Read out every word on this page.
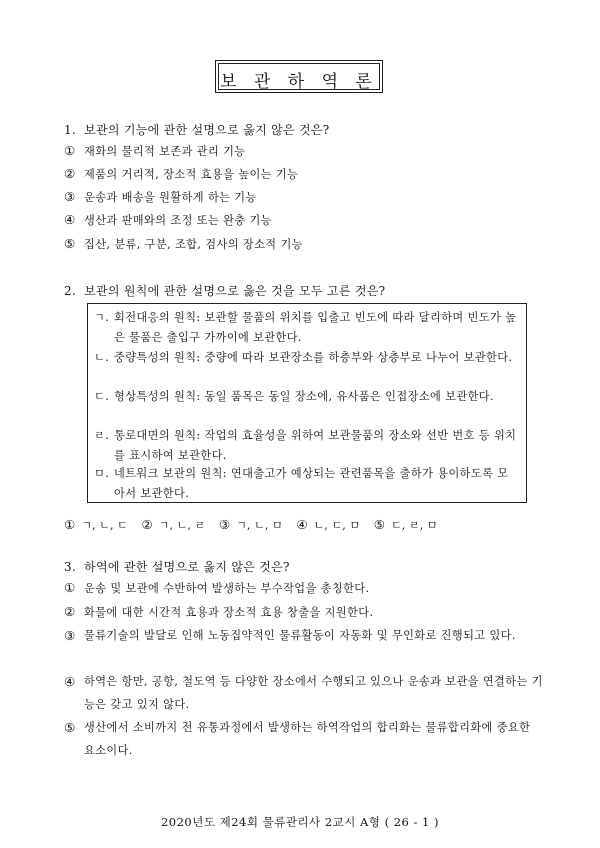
보 관 하 역 론
1. 보관의 기능에 관한 설명으로 옳지 않은 것은?
① 재화의 물리적 보존과 관리 기능
② 제품의 거리적, 장소적 효용을 높이는 기능
③ 운송과 배송을 원활하게 하는 기능
④ 생산과 판매와의 조정 또는 완충 기능
⑤ 집산, 분류, 구분, 조합, 검사의 장소적 기능
2. 보관의 원칙에 관한 설명으로 옳은 것을 모두 고른 것은?
ㄱ. 회전대응의 원칙: 보관할 물품의 위치를 입출고 빈도에 따라 달리하며 빈도가 높은 물품은 출입구 가까이에 보관한다.
ㄴ. 중량특성의 원칙: 중량에 따라 보관장소를 하층부와 상층부로 나누어 보관한다.
ㄷ. 형상특성의 원칙: 동일 품목은 동일 장소에, 유사품은 인접장소에 보관한다.
ㄹ. 통로대면의 원칙: 작업의 효율성을 위하여 보관물품의 장소와 선반 번호 등 위치를 표시하여 보관한다.
ㅁ. 네트워크 보관의 원칙: 연대출고가 예상되는 관련품목을 출하가 용이하도록 모아서 보관한다.
① ㄱ, ㄴ, ㄷ ② ㄱ, ㄴ, ㄹ ③ ㄱ, ㄴ, ㅁ ④ ㄴ, ㄷ, ㅁ ⑤ ㄷ, ㄹ, ㅁ
3. 하역에 관한 설명으로 옳지 않은 것은?
① 운송 및 보관에 수반하여 발생하는 부수작업을 총칭한다.
② 화물에 대한 시간적 효용과 장소적 효용 창출을 지원한다.
③ 물류기술의 발달로 인해 노동집약적인 물류활동이 자동화 및 무인화로 진행되고 있다.
④ 하역은 항만, 공항, 철도역 등 다양한 장소에서 수행되고 있으나 운송과 보관을 연결하는 기능은 갖고 있지 않다.
⑤ 생산에서 소비까지 전 유통과정에서 발생하는 하역작업의 합리화는 물류합리화에 중요한 요소이다.
2020년도 제24회 물류관리사 2교시 A형 ( 26 - 1 )
